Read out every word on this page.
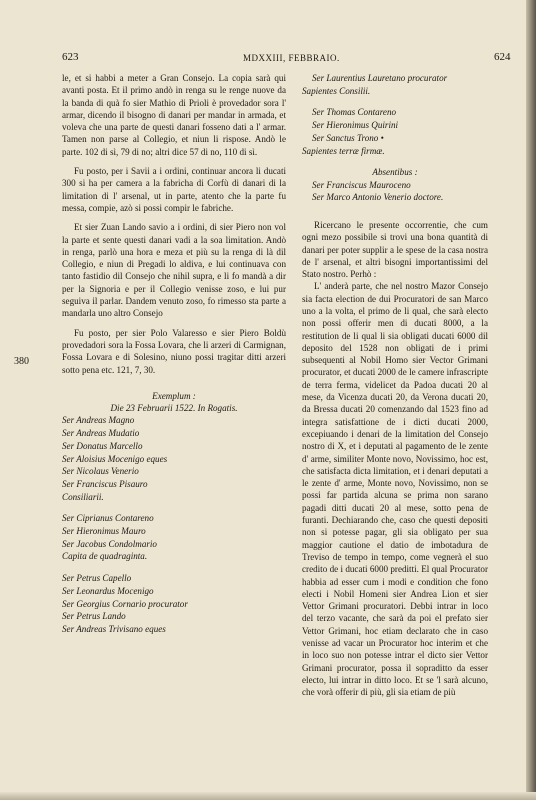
623	MDXXIII, FEBBRAIO.	624
380

le, et si habbi a meter a Gran Consejo. La copia sarà qui avanti posta. Et il primo andò in renga su le renge nuove da la banda di quà fo sier Mathio di Prioli è provedador sora l' armar, dicendo il bisogno di danari per mandar in armada, et voleva che una parte de questi danari fosseno dati a l' armar. Tamen non parse al Collegio, et niun li rispose. Andò le parte. 102 di sì, 79 di no; altri dice 57 di no, 110 di sì.

Fu posto, per i Savii a i ordini, continuar ancora li ducati 300 si ha per camera a la fabricha di Corfù di danari di la limitation di l' arsenal, ut in parte, atento che la parte fu messa, compie, azò si possi compir le fabriche.

Et sier Zuan Lando savio a i ordini, di sier Piero non vol la parte et sente questi danari vadi a la soa limitation. Andò in renga, parlò una hora e meza et più su la renga di là dil Collegio, e niun di Pregadi lo aldiva, e lui continuava con tanto fastidio dil Consejo che nihil supra, e li fo mandà a dir per la Signoria e per il Collegio venisse zoso, e lui pur seguiva il parlar. Dandem venuto zoso, fo rimesso sta parte a mandarla uno altro Consejo

Fu posto, per sier Polo Valaresso e sier Piero Boldù provedadori sora la Fossa Lovara, che li arzeri di Carmignan, Fossa Lovara e di Solesino, niuno possi tragitar ditti arzeri sotto pena etc. 121, 7, 30.

Exemplum :

Die 23 Februarii 1522. In Rogatis.

Ser Andreas Magno

Ser Andreas Mudatio

Ser Donatus Marcello

Ser Aloisius Mocenigo eques

Ser Nicolaus Venerio

Ser Franciscus Pisauro

Consiliarii.

Ser Ciprianus Contareno

Ser Hieronimus Mauro

Ser Jacobus Condolmario

Capita de quadraginta.

Ser Petrus Capello

Ser Leonardus Mocenigo

Ser Georgius Cornario procurator

Ser Petrus Lando

Ser Andreas Trivisano eques

Ser Laurentius Lauretano procurator

Sapientes Consilii.

Ser Thomas Contareno

Ser Hieronimus Quirini

Ser Sanctus Trono •

Sapientes terræ firmæ.

Absentibus :

Ser Franciscus Mauroceno

Ser Marco Antonio Venerio doctore.

Ricercano le presente occorrentie, che cum ogni mezo possibile si trovi una bona quantità di danari per poter supplir a le spese de la casa nostra de l' arsenal, et altri bisogni importantissimi del Stato nostro. Perhò :

L' anderà parte, che nel nostro Mazor Consejo sia facta election de dui Procuratori de san Marco uno a la volta, el primo de li qual, che sarà electo non possi offerir men di ducati 8000, a la restitution de li qual li sia obligati ducati 6000 dil deposito del 1528 non obligati de i primi subsequenti al Nobil Homo sier Vector Grimani procurator, et ducati 2000 de le camere infrascripte de terra ferma, videlicet da Padoa ducati 20 al mese, da Vicenza ducati 20, da Verona ducati 20, da Bressa ducati 20 comenzando dal 1523 fino ad integra satisfattione de i dicti ducati 2000, excepiuando i denari de la limitation del Consejo nostro di X, et i deputati al pagamento de le zente d' arme, similiter Monte novo, Novissimo, hoc est, che satisfacta dicta limitation, et i denari deputati a le zente d' arme, Monte novo, Novissimo, non se possi far partida alcuna se prima non sarano pagadi ditti ducati 20 al mese, sotto pena de furanti. Dechiarando che, caso che questi depositi non si potesse pagar, gli sia obligato per sua maggior cautione el datio de imbotadura de Treviso de tempo in tempo, come vegnerà el suo credito de i ducati 6000 preditti. El qual Procurator habbia ad esser cum i modi e condition che fono electi i Nobil Homeni sier Andrea Lion et sier Vettor Grimani procuratori. Debbi intrar in loco del terzo vacante, che sarà da poi el prefato sier Vettor Grimani, hoc etiam declarato che in caso venisse ad vacar un Procurator hoc interim et che in loco suo non potesse intrar el dicto sier Vettor Grimani procurator, possa il sopraditto da esser electo, lui intrar in ditto loco. Et se 'l sarà alcuno, che vorà offerir di più, gli sia etiam de più
